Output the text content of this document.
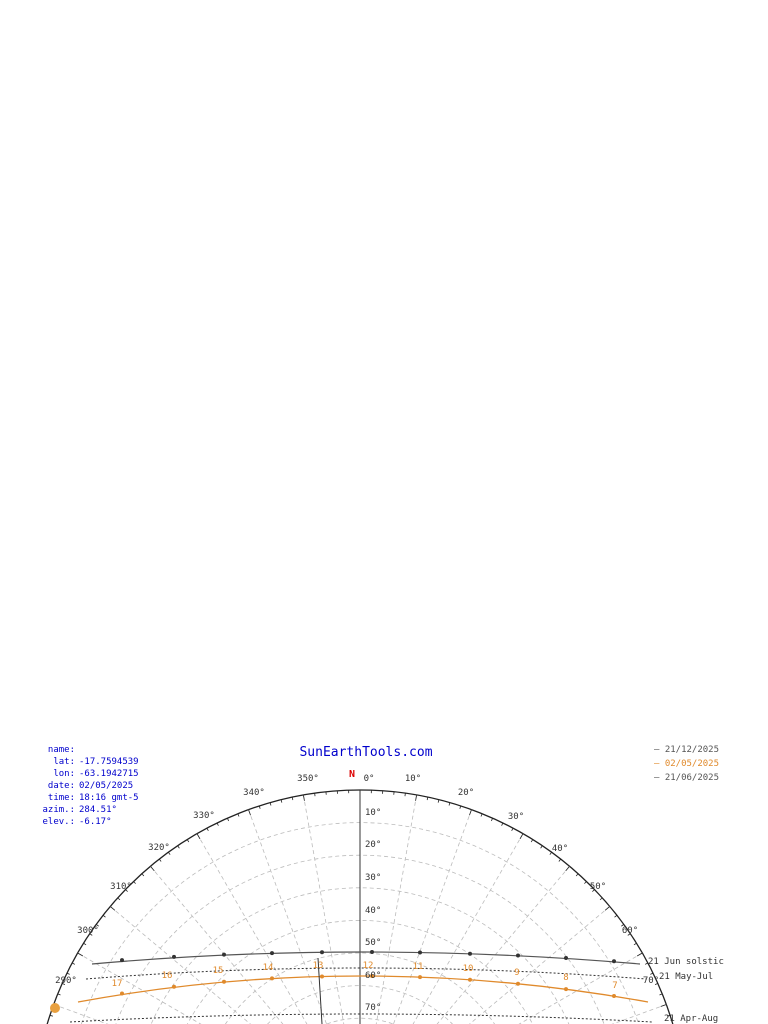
SunEarthTools.com
name:
lat: -17.7594539
lon: -63.1942715
date: 02/05/2025
time: 18:16 gmt-5
azim.: 284.51°
elev.: -6.17°
– 21/12/2025
– 02/05/2025
– 21/06/2025
N 0°	10°
20°
30°
40°
50°
60°
70°
290°
300°
310°
320°
330°
340°
350°
10°
20°
30°
40°
50°
60°
70°
21 Jun solstic
21 May-Jul
21 Apr-Aug
17
16	15	14	13	12	11	10	9	8
7
